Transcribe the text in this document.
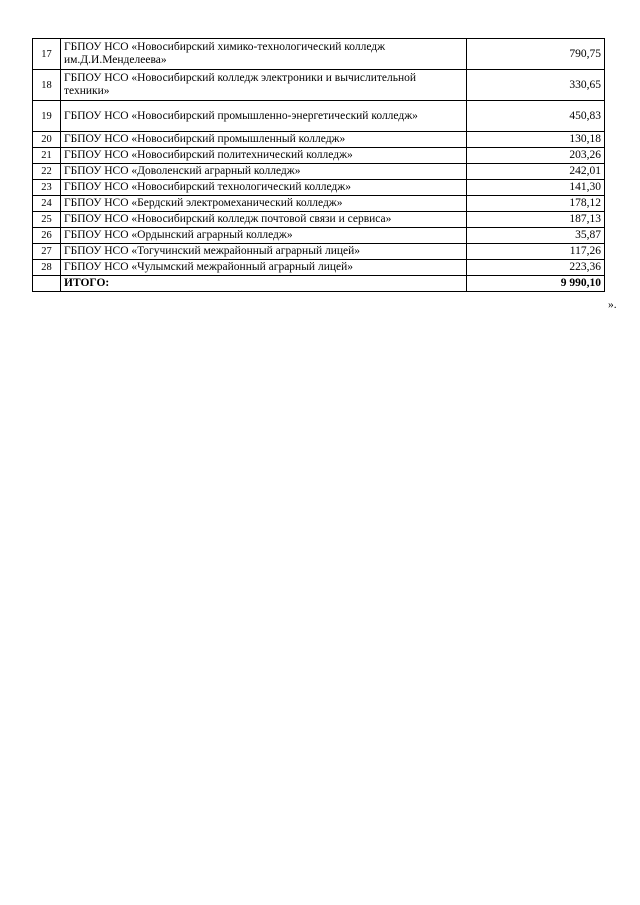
17	ГБПОУ НСО «Новосибирский химико-технологический колледж им.Д.И.Менделеева»	790,75
18	ГБПОУ НСО «Новосибирский колледж электроники и вычислительной техники»	330,65
19	ГБПОУ НСО «Новосибирский промышленно-энергетический колледж»	450,83
20	ГБПОУ НСО «Новосибирский промышленный колледж»	130,18
21	ГБПОУ НСО «Новосибирский политехнический колледж»	203,26
22	ГБПОУ НСО «Доволенский аграрный колледж»	242,01
23	ГБПОУ НСО «Новосибирский технологический колледж»	141,30
24	ГБПОУ НСО «Бердский электромеханический колледж»	178,12
25	ГБПОУ НСО «Новосибирский колледж почтовой связи и сервиса»	187,13
26	ГБПОУ НСО «Ордынский аграрный колледж»	35,87
27	ГБПОУ НСО «Тогучинский межрайонный аграрный лицей»	117,26
28	ГБПОУ НСО «Чулымский межрайонный аграрный лицей»	223,36
	ИТОГО:	9 990,10
».
